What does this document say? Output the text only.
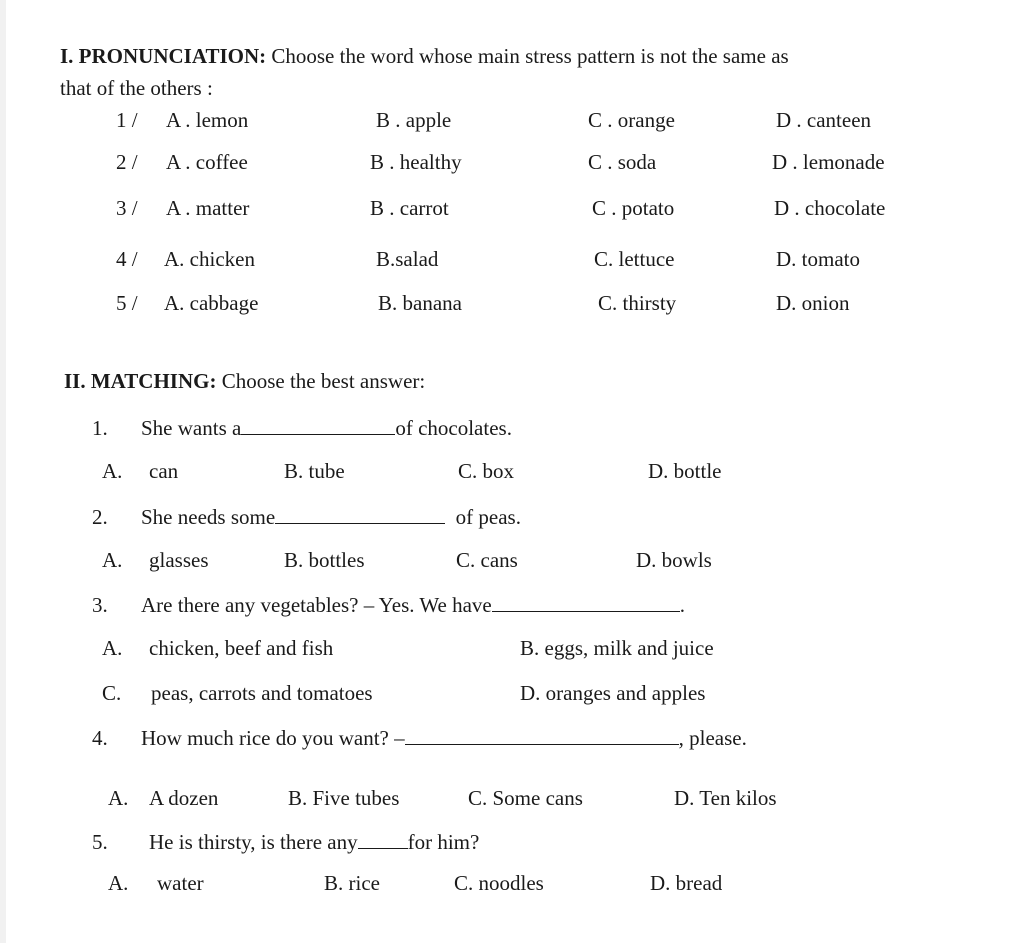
I. PRONUNCIATION: Choose the word whose main stress pattern is not the same as
that of the others :
1 / A . lemon	B . apple	C . orange	D . canteen
2 / A . coffee	B . healthy	C . soda	D . lemonade
3 / A . matter	B . carrot	C . potato	D . chocolate
4 / A. chicken	B.salad	C. lettuce	D. tomato
5 / A. cabbage	B. banana	C. thirsty	D. onion
II. MATCHING: Choose the best answer:
1. She wants a	of chocolates.
A. can	B. tube	C. box	D. bottle
2. She needs some	of peas.
A. glasses	B. bottles	C. cans	D. bowls
3. Are there any vegetables? – Yes. We have	.
A. chicken, beef and fish	B. eggs, milk and juice
C. peas, carrots and tomatoes	D. oranges and apples
4. How much rice do you want? –	, please.
A. A dozen	B. Five tubes	C. Some cans	D. Ten kilos
5. He is thirsty, is there any for him?
A. water	B. rice	C. noodles	D. bread
